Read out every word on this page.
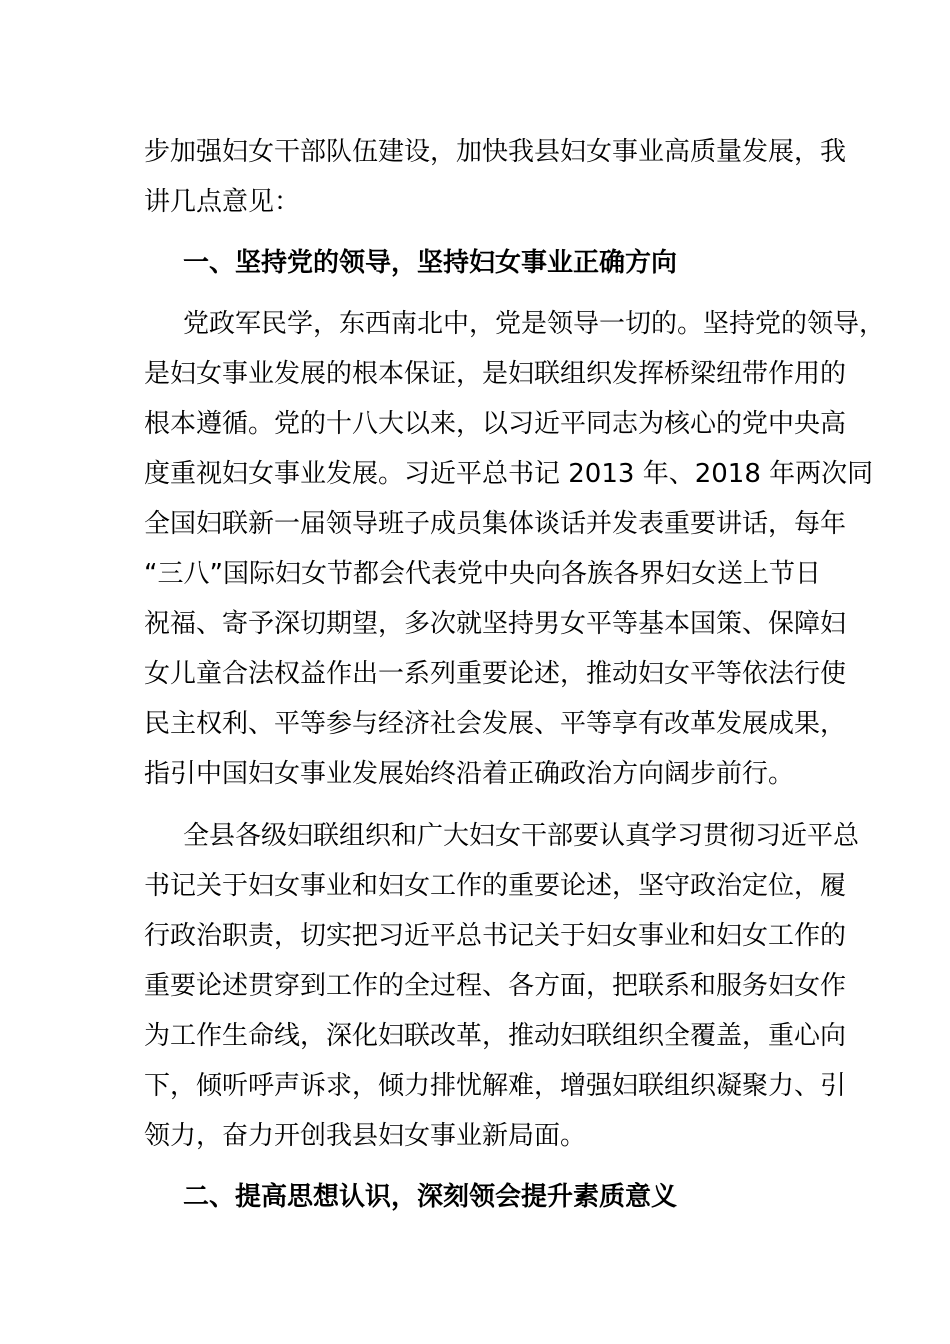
步加强妇女干部队伍建设，加快我县妇女事业高质量发展，我

讲几点意见：

一、坚持党的领导，坚持妇女事业正确方向

党政军民学，东西南北中，党是领导一切的。坚持党的领导，

是妇女事业发展的根本保证，是妇联组织发挥桥梁纽带作用的

根本遵循。党的十八大以来，以习近平同志为核心的党中央高

度重视妇女事业发展。习近平总书记 2013 年、2018 年两次同

全国妇联新一届领导班子成员集体谈话并发表重要讲话，每年

“三八”国际妇女节都会代表党中央向各族各界妇女送上节日

祝福、寄予深切期望，多次就坚持男女平等基本国策、保障妇

女儿童合法权益作出一系列重要论述，推动妇女平等依法行使

民主权利、平等参与经济社会发展、平等享有改革发展成果，

指引中国妇女事业发展始终沿着正确政治方向阔步前行。

全县各级妇联组织和广大妇女干部要认真学习贯彻习近平总

书记关于妇女事业和妇女工作的重要论述，坚守政治定位，履

行政治职责，切实把习近平总书记关于妇女事业和妇女工作的

重要论述贯穿到工作的全过程、各方面，把联系和服务妇女作

为工作生命线，深化妇联改革，推动妇联组织全覆盖，重心向

下，倾听呼声诉求，倾力排忧解难，增强妇联组织凝聚力、引

领力，奋力开创我县妇女事业新局面。

二、提高思想认识，深刻领会提升素质意义
